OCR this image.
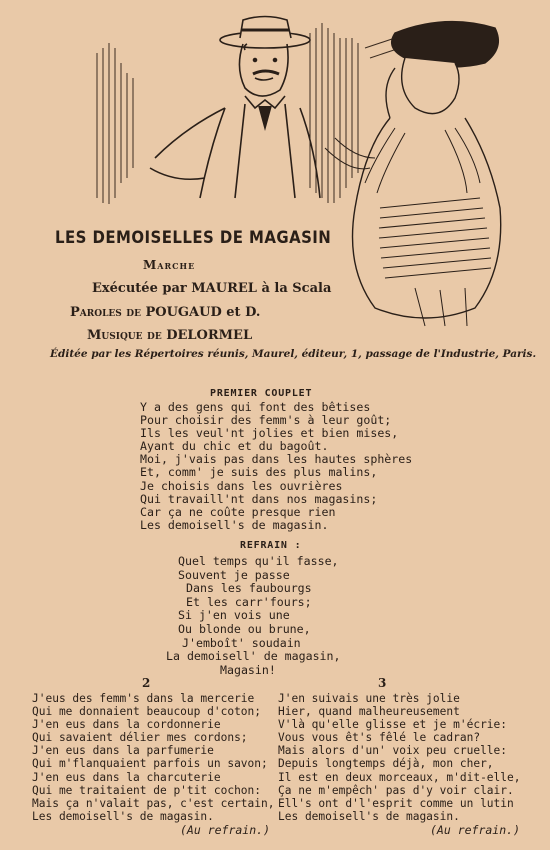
LES DEMOISELLES DE MAGASIN
Marche
Exécutée par MAUREL à la Scala
Paroles de POUGAUD et D.
Musique de DELORMEL
Éditée par les Répertoires réunis, Maurel, éditeur, 1, passage de l'Industrie, Paris.
PREMIER COUPLET
Y a des gens qui font des bêtises
Pour choisir des femm's à leur goût;
Ils les veul'nt jolies et bien mises,
Ayant du chic et du bagoût.
Moi, j'vais pas dans les hautes sphères
Et, comm' je suis des plus malins,
Je choisis dans les ouvrières
Qui travaill'nt dans nos magasins;
Car ça ne coûte presque rien
Les demoisell's de magasin.
REFRAIN :
Quel temps qu'il fasse,
Souvent je passe
Dans les faubourgs
Et les carr'fours;
Si j'en vois une
Ou blonde ou brune,
J'emboît' soudain
La demoisell' de magasin,
Magasin!
2
J'eus des femm's dans la mercerie
Qui me donnaient beaucoup d'coton;
J'en eus dans la cordonnerie
Qui savaient délier mes cordons;
J'en eus dans la parfumerie
Qui m'flanquaient parfois un savon;
J'en eus dans la charcuterie
Qui me traitaient de p'tit cochon:
Mais ça n'valait pas, c'est certain,
Les demoisell's de magasin.
(Au refrain.)
3
J'en suivais une très jolie
Hier, quand malheureusement
V'là qu'elle glisse et je m'écrie:
Vous vous êt's fêlé le cadran?
Mais alors d'un' voix peu cruelle:
Depuis longtemps déjà, mon cher,
Il est en deux morceaux, m'dit-elle,
Ça ne m'empêch' pas d'y voir clair.
Ell's ont d'l'esprit comme un lutin
Les demoisell's de magasin.
(Au refrain.)
